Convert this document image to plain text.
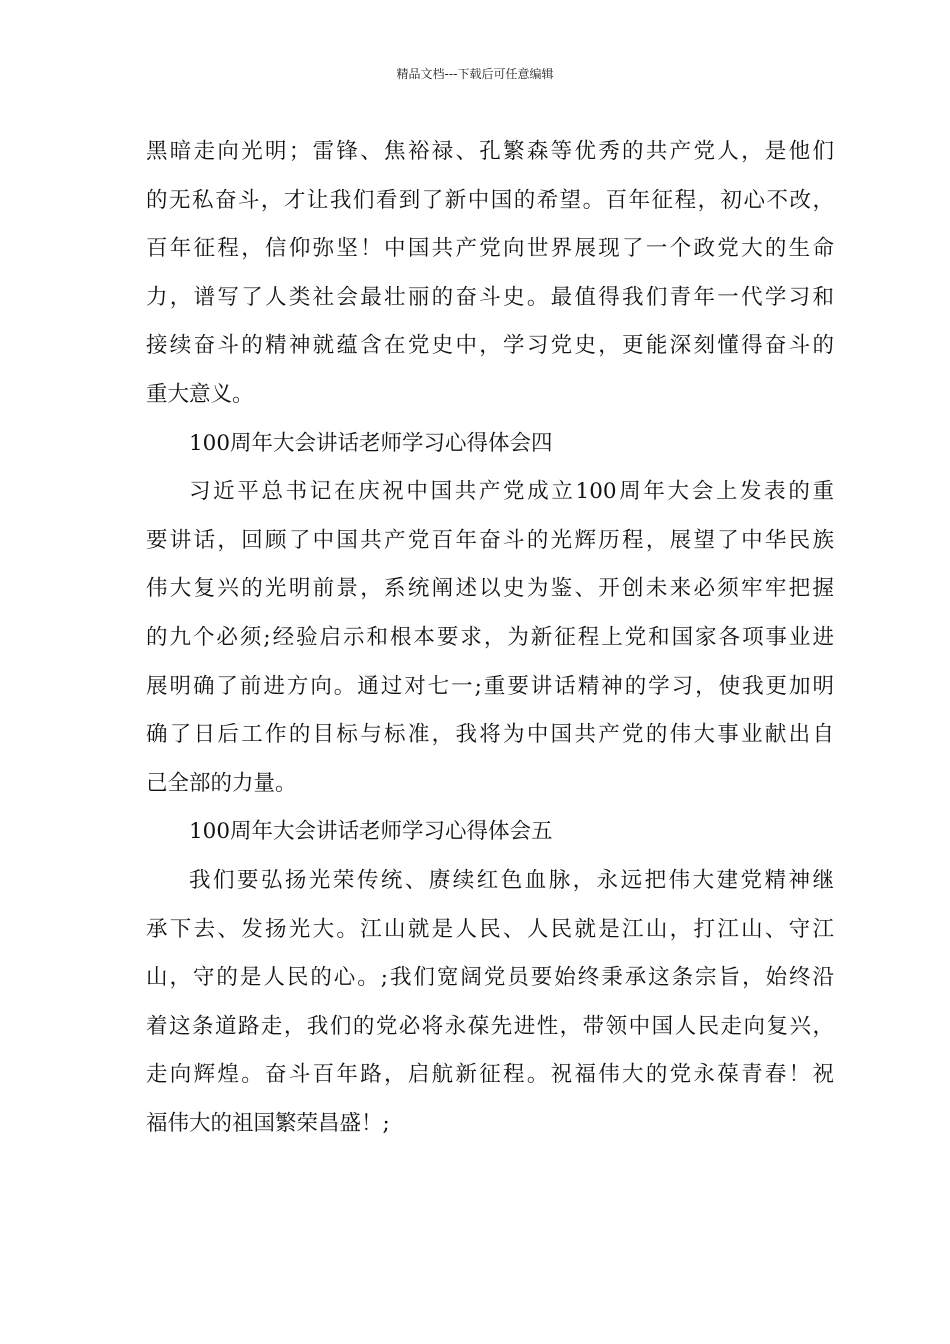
精品文档---下载后可任意编辑
黑暗走向光明；雷锋、焦裕禄、孔繁森等优秀的共产党人，是他们
的无私奋斗，才让我们看到了新中国的希望。百年征程，初心不改，
百年征程，信仰弥坚！中国共产党向世界展现了一个政党大的生命
力，谱写了人类社会最壮丽的奋斗史。最值得我们青年一代学习和
接续奋斗的精神就蕴含在党史中，学习党史，更能深刻懂得奋斗的
重大意义。
100周年大会讲话老师学习心得体会四
习近平总书记在庆祝中国共产党成立100周年大会上发表的重
要讲话，回顾了中国共产党百年奋斗的光辉历程，展望了中华民族
伟大复兴的光明前景，系统阐述以史为鉴、开创未来必须牢牢把握
的九个必须;经验启示和根本要求，为新征程上党和国家各项事业进
展明确了前进方向。通过对七一;重要讲话精神的学习，使我更加明
确了日后工作的目标与标准，我将为中国共产党的伟大事业献出自
己全部的力量。
100周年大会讲话老师学习心得体会五
我们要弘扬光荣传统、赓续红色血脉，永远把伟大建党精神继
承下去、发扬光大。江山就是人民、人民就是江山，打江山、守江
山，守的是人民的心。;我们宽阔党员要始终秉承这条宗旨，始终沿
着这条道路走，我们的党必将永葆先进性，带领中国人民走向复兴，
走向辉煌。奋斗百年路，启航新征程。祝福伟大的党永葆青春！祝
福伟大的祖国繁荣昌盛！;
